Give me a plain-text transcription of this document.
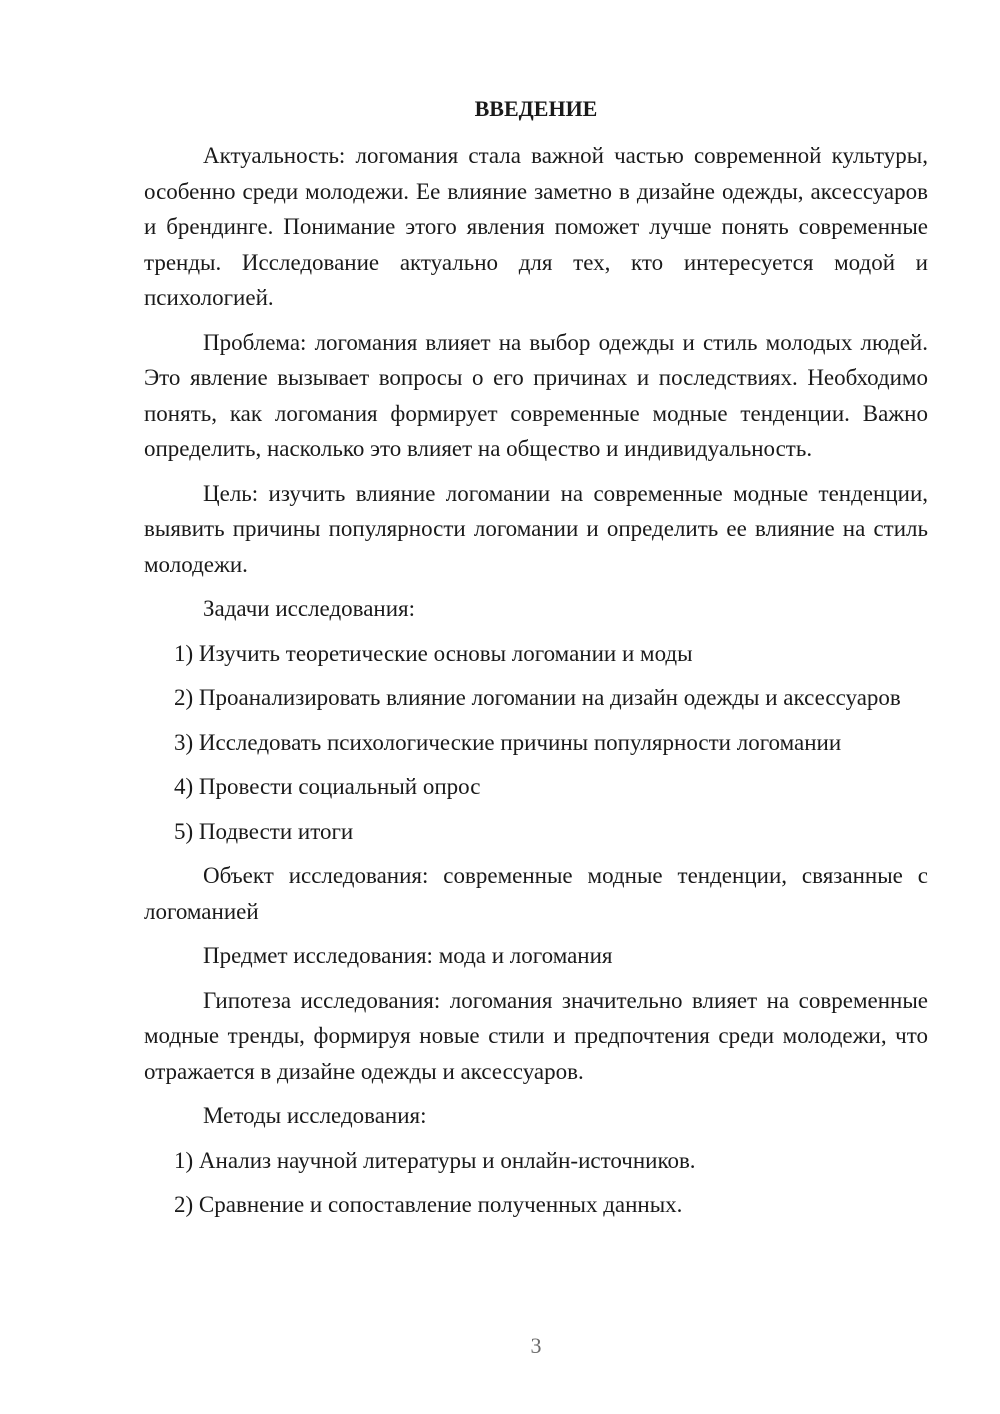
ВВЕДЕНИЕ

Актуальность: логомания стала важной частью современной культуры, особенно среди молодежи. Ее влияние заметно в дизайне одежды, аксессуаров и брендинге. Понимание этого явления поможет лучше понять современные тренды. Исследование актуально для тех, кто интересуется модой и психологией.

Проблема: логомания влияет на выбор одежды и стиль молодых людей. Это явление вызывает вопросы о его причинах и последствиях. Необходимо понять, как логомания формирует современные модные тенденции. Важно определить, насколько это влияет на общество и индивидуальность.

Цель: изучить влияние логомании на современные модные тенденции, выявить причины популярности логомании и определить ее влияние на стиль молодежи.

Задачи исследования:

1) Изучить теоретические основы логомании и моды

2) Проанализировать влияние логомании на дизайн одежды и аксессуаров

3) Исследовать психологические причины популярности логомании

4) Провести социальный опрос

5) Подвести итоги

Объект исследования: современные модные тенденции, связанные с логоманией

Предмет исследования: мода и логомания

Гипотеза исследования: логомания значительно влияет на современные модные тренды, формируя новые стили и предпочтения среди молодежи, что отражается в дизайне одежды и аксессуаров.

Методы исследования:

1) Анализ научной литературы и онлайн-источников.

2) Сравнение и сопоставление полученных данных.

3
